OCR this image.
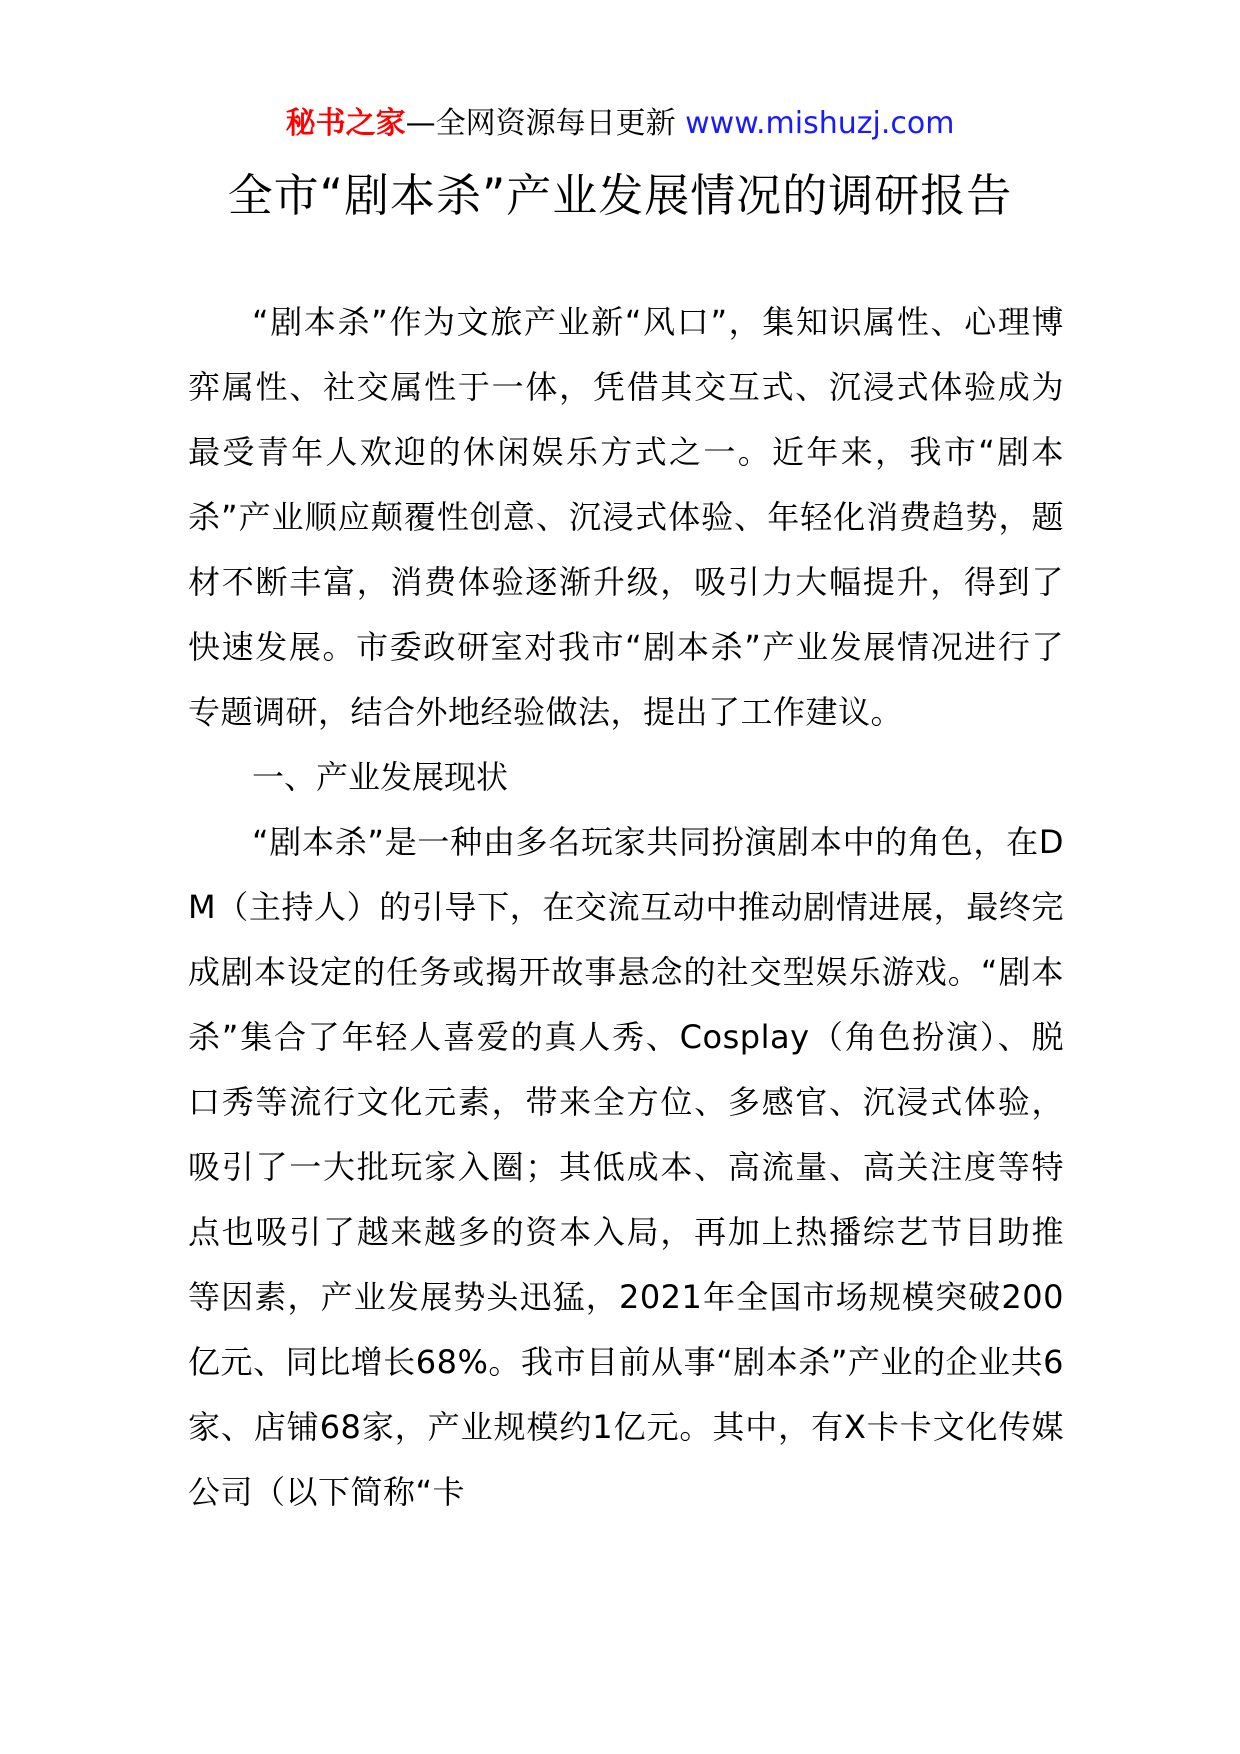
秘书之家—全网资源每日更新 www.mishuzj.com
全市“剧本杀”产业发展情况的调研报告

“剧本杀”作为文旅产业新“风口”，集知识属性、心理博弈属性、社交属性于一体，凭借其交互式、沉浸式体验成为最受青年人欢迎的休闲娱乐方式之一。近年来，我市“剧本杀”产业顺应颠覆性创意、沉浸式体验、年轻化消费趋势，题材不断丰富，消费体验逐渐升级，吸引力大幅提升，得到了快速发展。市委政研室对我市“剧本杀”产业发展情况进行了专题调研，结合外地经验做法，提出了工作建议。

一、产业发展现状

“剧本杀”是一种由多名玩家共同扮演剧本中的角色，在DM（主持人）的引导下，在交流互动中推动剧情进展，最终完成剧本设定的任务或揭开故事悬念的社交型娱乐游戏。“剧本杀”集合了年轻人喜爱的真人秀、Cosplay（角色扮演）、脱口秀等流行文化元素，带来全方位、多感官、沉浸式体验，吸引了一大批玩家入圈；其低成本、高流量、高关注度等特点也吸引了越来越多的资本入局，再加上热播综艺节目助推等因素，产业发展势头迅猛，2021年全国市场规模突破200亿元、同比增长68%。我市目前从事“剧本杀”产业的企业共6家、店铺68家，产业规模约1亿元。其中，有X卡卡文化传媒公司（以下简称“卡
